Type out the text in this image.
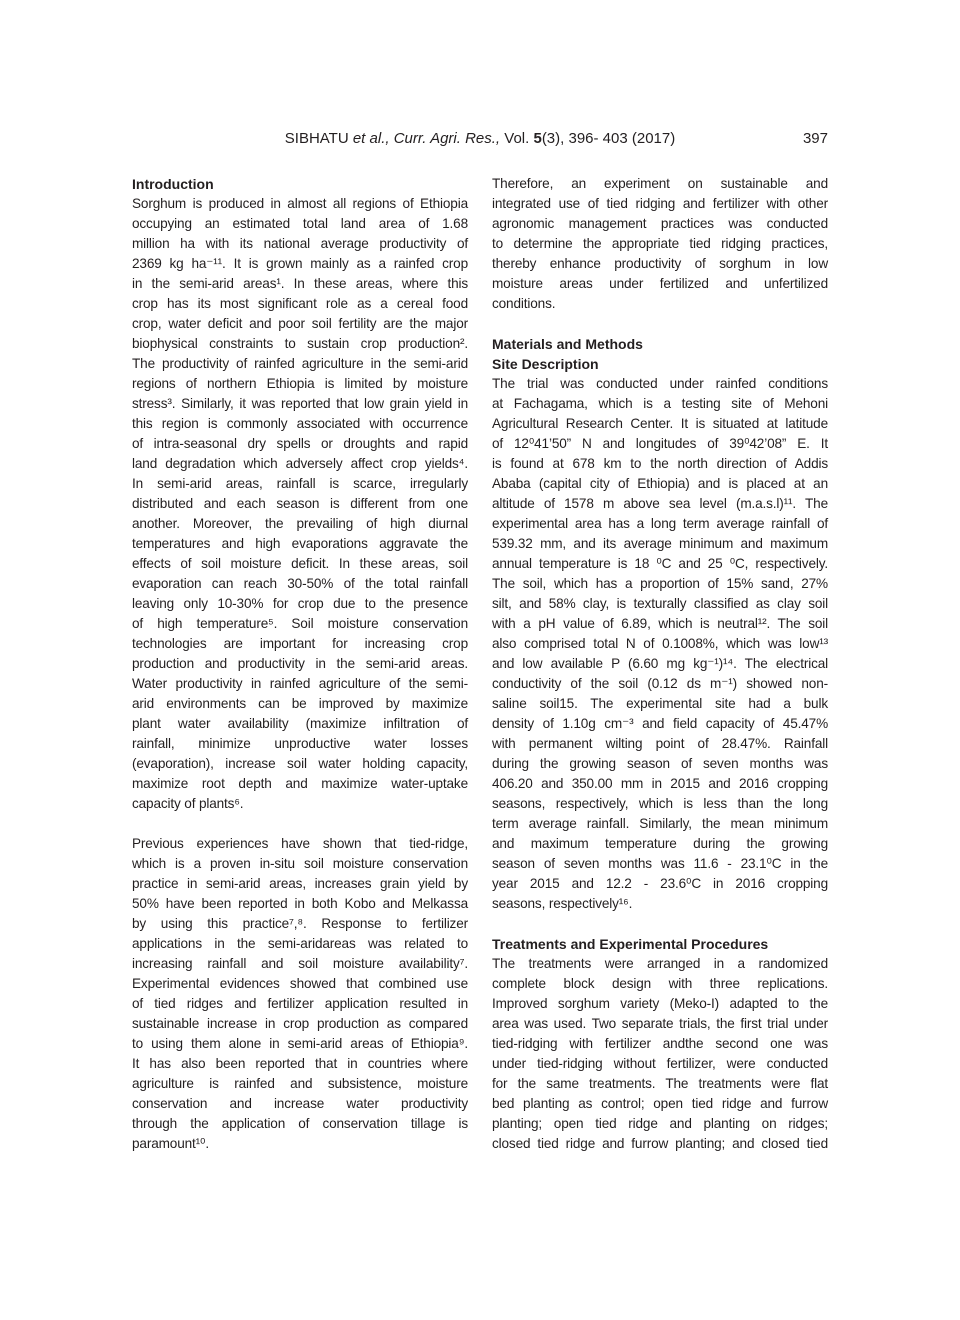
SIBHATU et al., Curr. Agri. Res., Vol. 5(3), 396- 403 (2017)	397
Introduction
Sorghum is produced in almost all regions of Ethiopia
occupying an estimated total land area of 1.68
million ha with its national average productivity of
2369 kg ha⁻¹¹. It is grown mainly as a rainfed crop
in the semi-arid areas¹. In these areas, where this
crop has its most significant role as a cereal food
crop, water deficit and poor soil fertility are the major
biophysical constraints to sustain crop production².
The productivity of rainfed agriculture in the semi-arid
regions of northern Ethiopia is limited by moisture
stress³. Similarly, it was reported that low grain yield in
this region is commonly associated with occurrence
of intra-seasonal dry spells or droughts and rapid
land degradation which adversely affect crop yields⁴.
In semi-arid areas, rainfall is scarce, irregularly
distributed and each season is different from one
another. Moreover, the prevailing of high diurnal
temperatures and high evaporations aggravate the
effects of soil moisture deficit. In these areas, soil
evaporation can reach 30-50% of the total rainfall
leaving only 10-30% for crop due to the presence
of high temperature⁵. Soil moisture conservation
technologies are important for increasing crop
production and productivity in the semi-arid areas.
Water productivity in rainfed agriculture of the semi-
arid environments can be improved by maximize
plant water availability (maximize infiltration of
rainfall, minimize unproductive water losses
(evaporation), increase soil water holding capacity,
maximize root depth and maximize water-uptake
capacity of plants⁶.
Previous experiences have shown that tied-ridge,
which is a proven in-situ soil moisture conservation
practice in semi-arid areas, increases grain yield by
50% have been reported in both Kobo and Melkassa
by using this practice⁷,⁸. Response to fertilizer
applications in the semi-aridareas was related to
increasing rainfall and soil moisture availability⁷.
Experimental evidences showed that combined use
of tied ridges and fertilizer application resulted in
sustainable increase in crop production as compared
to using them alone in semi-arid areas of Ethiopia⁹.
It has also been reported that in countries where
agriculture is rainfed and subsistence, moisture
conservation and increase water productivity
through the application of conservation tillage is
paramount¹⁰.
Therefore, an experiment on sustainable and
integrated use of tied ridging and fertilizer with other
agronomic management practices was conducted
to determine the appropriate tied ridging practices,
thereby enhance productivity of sorghum in low
moisture areas under fertilized and unfertilized
conditions.
Materials and Methods
Site Description
The trial was conducted under rainfed conditions
at Fachagama, which is a testing site of Mehoni
Agricultural Research Center. It is situated at latitude
of 12⁰41’50” N and longitudes of 39⁰42’08” E. It
is found at 678 km to the north direction of Addis
Ababa (capital city of Ethiopia) and is placed at an
altitude of 1578 m above sea level (m.a.s.l)¹¹. The
experimental area has a long term average rainfall of
539.32 mm, and its average minimum and maximum
annual temperature is 18 ⁰C and 25 ⁰C, respectively.
The soil, which has a proportion of 15% sand, 27%
silt, and 58% clay, is texturally classified as clay soil
with a pH value of 6.89, which is neutral¹². The soil
also comprised total N of 0.1008%, which was low¹³
and low available P (6.60 mg kg⁻¹)¹⁴. The electrical
conductivity of the soil (0.12 ds m⁻¹) showed non-
saline soil15. The experimental site had a bulk
density of 1.10g cm⁻³ and field capacity of 45.47%
with permanent wilting point of 28.47%. Rainfall
during the growing season of seven months was
406.20 and 350.00 mm in 2015 and 2016 cropping
seasons, respectively, which is less than the long
term average rainfall. Similarly, the mean minimum
and maximum temperature during the growing
season of seven months was 11.6 - 23.1⁰C in the
year 2015 and 12.2 - 23.6⁰C in 2016 cropping
seasons, respectively¹⁶.
Treatments and Experimental Procedures
The treatments were arranged in a randomized
complete block design with three replications.
Improved sorghum variety (Meko-I) adapted to the
area was used. Two separate trials, the first trial under
tied-ridging with fertilizer andthe second one was
under tied-ridging without fertilizer, were conducted
for the same treatments. The treatments were flat
bed planting as control; open tied ridge and furrow
planting; open tied ridge and planting on ridges;
closed tied ridge and furrow planting; and closed tied
